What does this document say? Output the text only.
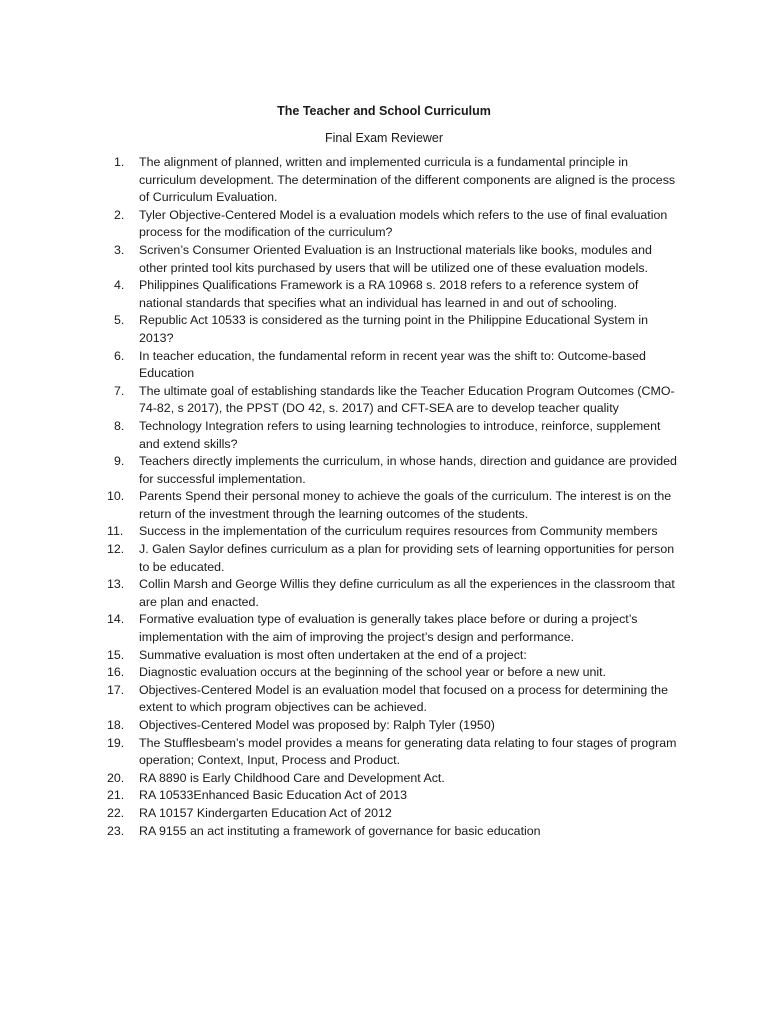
The Teacher and School Curriculum
Final Exam Reviewer
1.	The alignment of planned, written and implemented curricula is a fundamental principle in curriculum development. The determination of the different components are aligned is the process of Curriculum Evaluation.
2.	Tyler Objective-Centered Model is a evaluation models which refers to the use of final evaluation process for the modification of the curriculum?
3.	Scriven’s Consumer Oriented Evaluation is an Instructional materials like books, modules and other printed tool kits purchased by users that will be utilized one of these evaluation models.
4.	Philippines Qualifications Framework is a RA 10968 s. 2018 refers to a reference system of national standards that specifies what an individual has learned in and out of schooling.
5.	Republic Act 10533 is considered as the turning point in the Philippine Educational System in 2013?
6.	In teacher education, the fundamental reform in recent year was the shift to: Outcome-based Education
7.	The ultimate goal of establishing standards like the Teacher Education Program Outcomes (CMO-74-82, s 2017), the PPST (DO 42, s. 2017) and CFT-SEA are to develop teacher quality
8.	Technology Integration refers to using learning technologies to introduce, reinforce, supplement and extend skills?
9.	Teachers directly implements the curriculum, in whose hands, direction and guidance are provided for successful implementation.
10.	Parents Spend their personal money to achieve the goals of the curriculum. The interest is on the return of the investment through the learning outcomes of the students.
11.	Success in the implementation of the curriculum requires resources from Community members
12.	J. Galen Saylor defines curriculum as a plan for providing sets of learning opportunities for person to be educated.
13.	Collin Marsh and George Willis they define curriculum as all the experiences in the classroom that are plan and enacted.
14.	Formative evaluation type of evaluation is generally takes place before or during a project’s implementation with the aim of improving the project’s design and performance.
15.	Summative evaluation is most often undertaken at the end of a project:
16.	Diagnostic evaluation occurs at the beginning of the school year or before a new unit.
17.	Objectives-Centered Model is an evaluation model that focused on a process for determining the extent to which program objectives can be achieved.
18.	Objectives-Centered Model was proposed by: Ralph Tyler (1950)
19.	The Stufflesbeam’s model provides a means for generating data relating to four stages of program operation; Context, Input, Process and Product.
20.	RA 8890 is Early Childhood Care and Development Act.
21.	RA 10533Enhanced Basic Education Act of 2013
22.	RA 10157 Kindergarten Education Act of 2012
23.	RA 9155 an act instituting a framework of governance for basic education
